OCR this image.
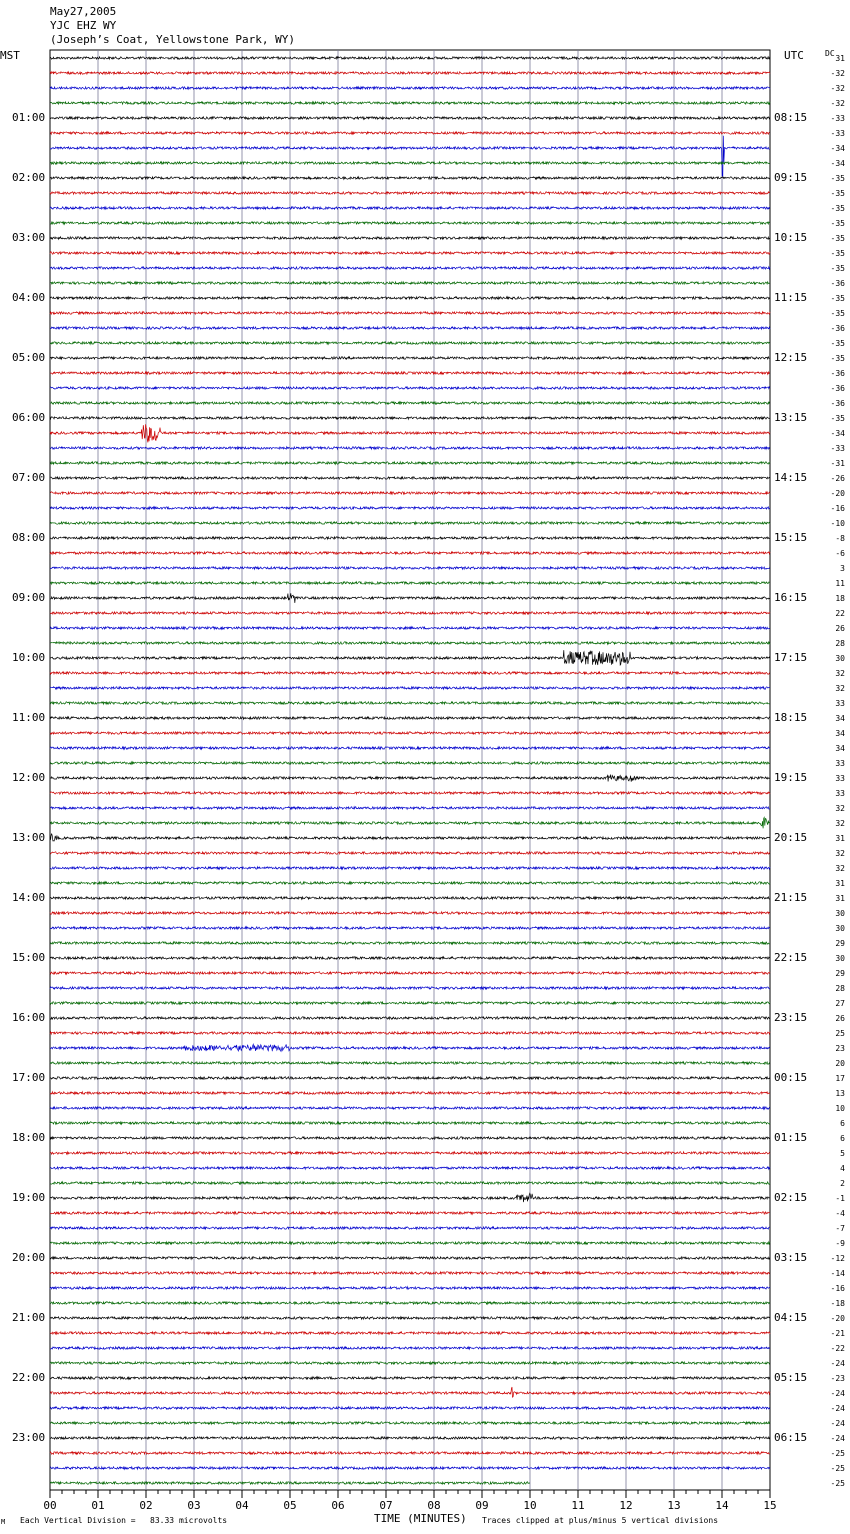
May27,2005
YJC EHZ WY
(Joseph’s Coat, Yellowstone Park, WY)
MST	UTC	DC
01:00
02:00
03:00
04:00
05:00
06:00
07:00
08:00
09:00
10:00
11:00
12:00
13:00
14:00
15:00
16:00
17:00
18:00
19:00
20:00
21:00
22:00
23:00
08:15
09:15
10:15
11:15
12:15
13:15
14:15
15:15
16:15
17:15
18:15
19:15
20:15
21:15
22:15
23:15
00:15
01:15
02:15
03:15
04:15
05:15
06:15
31
-32
-32
-32
-33
-33
-34
-34
-35
-35
-35
-35
-35
-35
-35
-36
-35
-35
-36
-35
-35
-36
-36
-36
-35
-34
-33
-31
-26
-20
-16
-10
-8
-6
3
11
18
22
26
28
30
32
32
33
34
34
34
33
33
33
32
32
31
32
32
31
31
30
30
29
30
29
28
27
26
25
23
20
17
13
10
6
6
5
4
2
-1
-4
-7
-9
-12
-14
-16
-18
-20
-21
-22
-24
-23
-24
-24
-24
-24
-25
-25
-25
00	01	02	03	04	05	06	07	08	09	10	11	12	13	14	15
M Each Vertical Division =   83.33 microvolts	TIME (MINUTES) Traces clipped at plus/minus 5 vertical divisions
